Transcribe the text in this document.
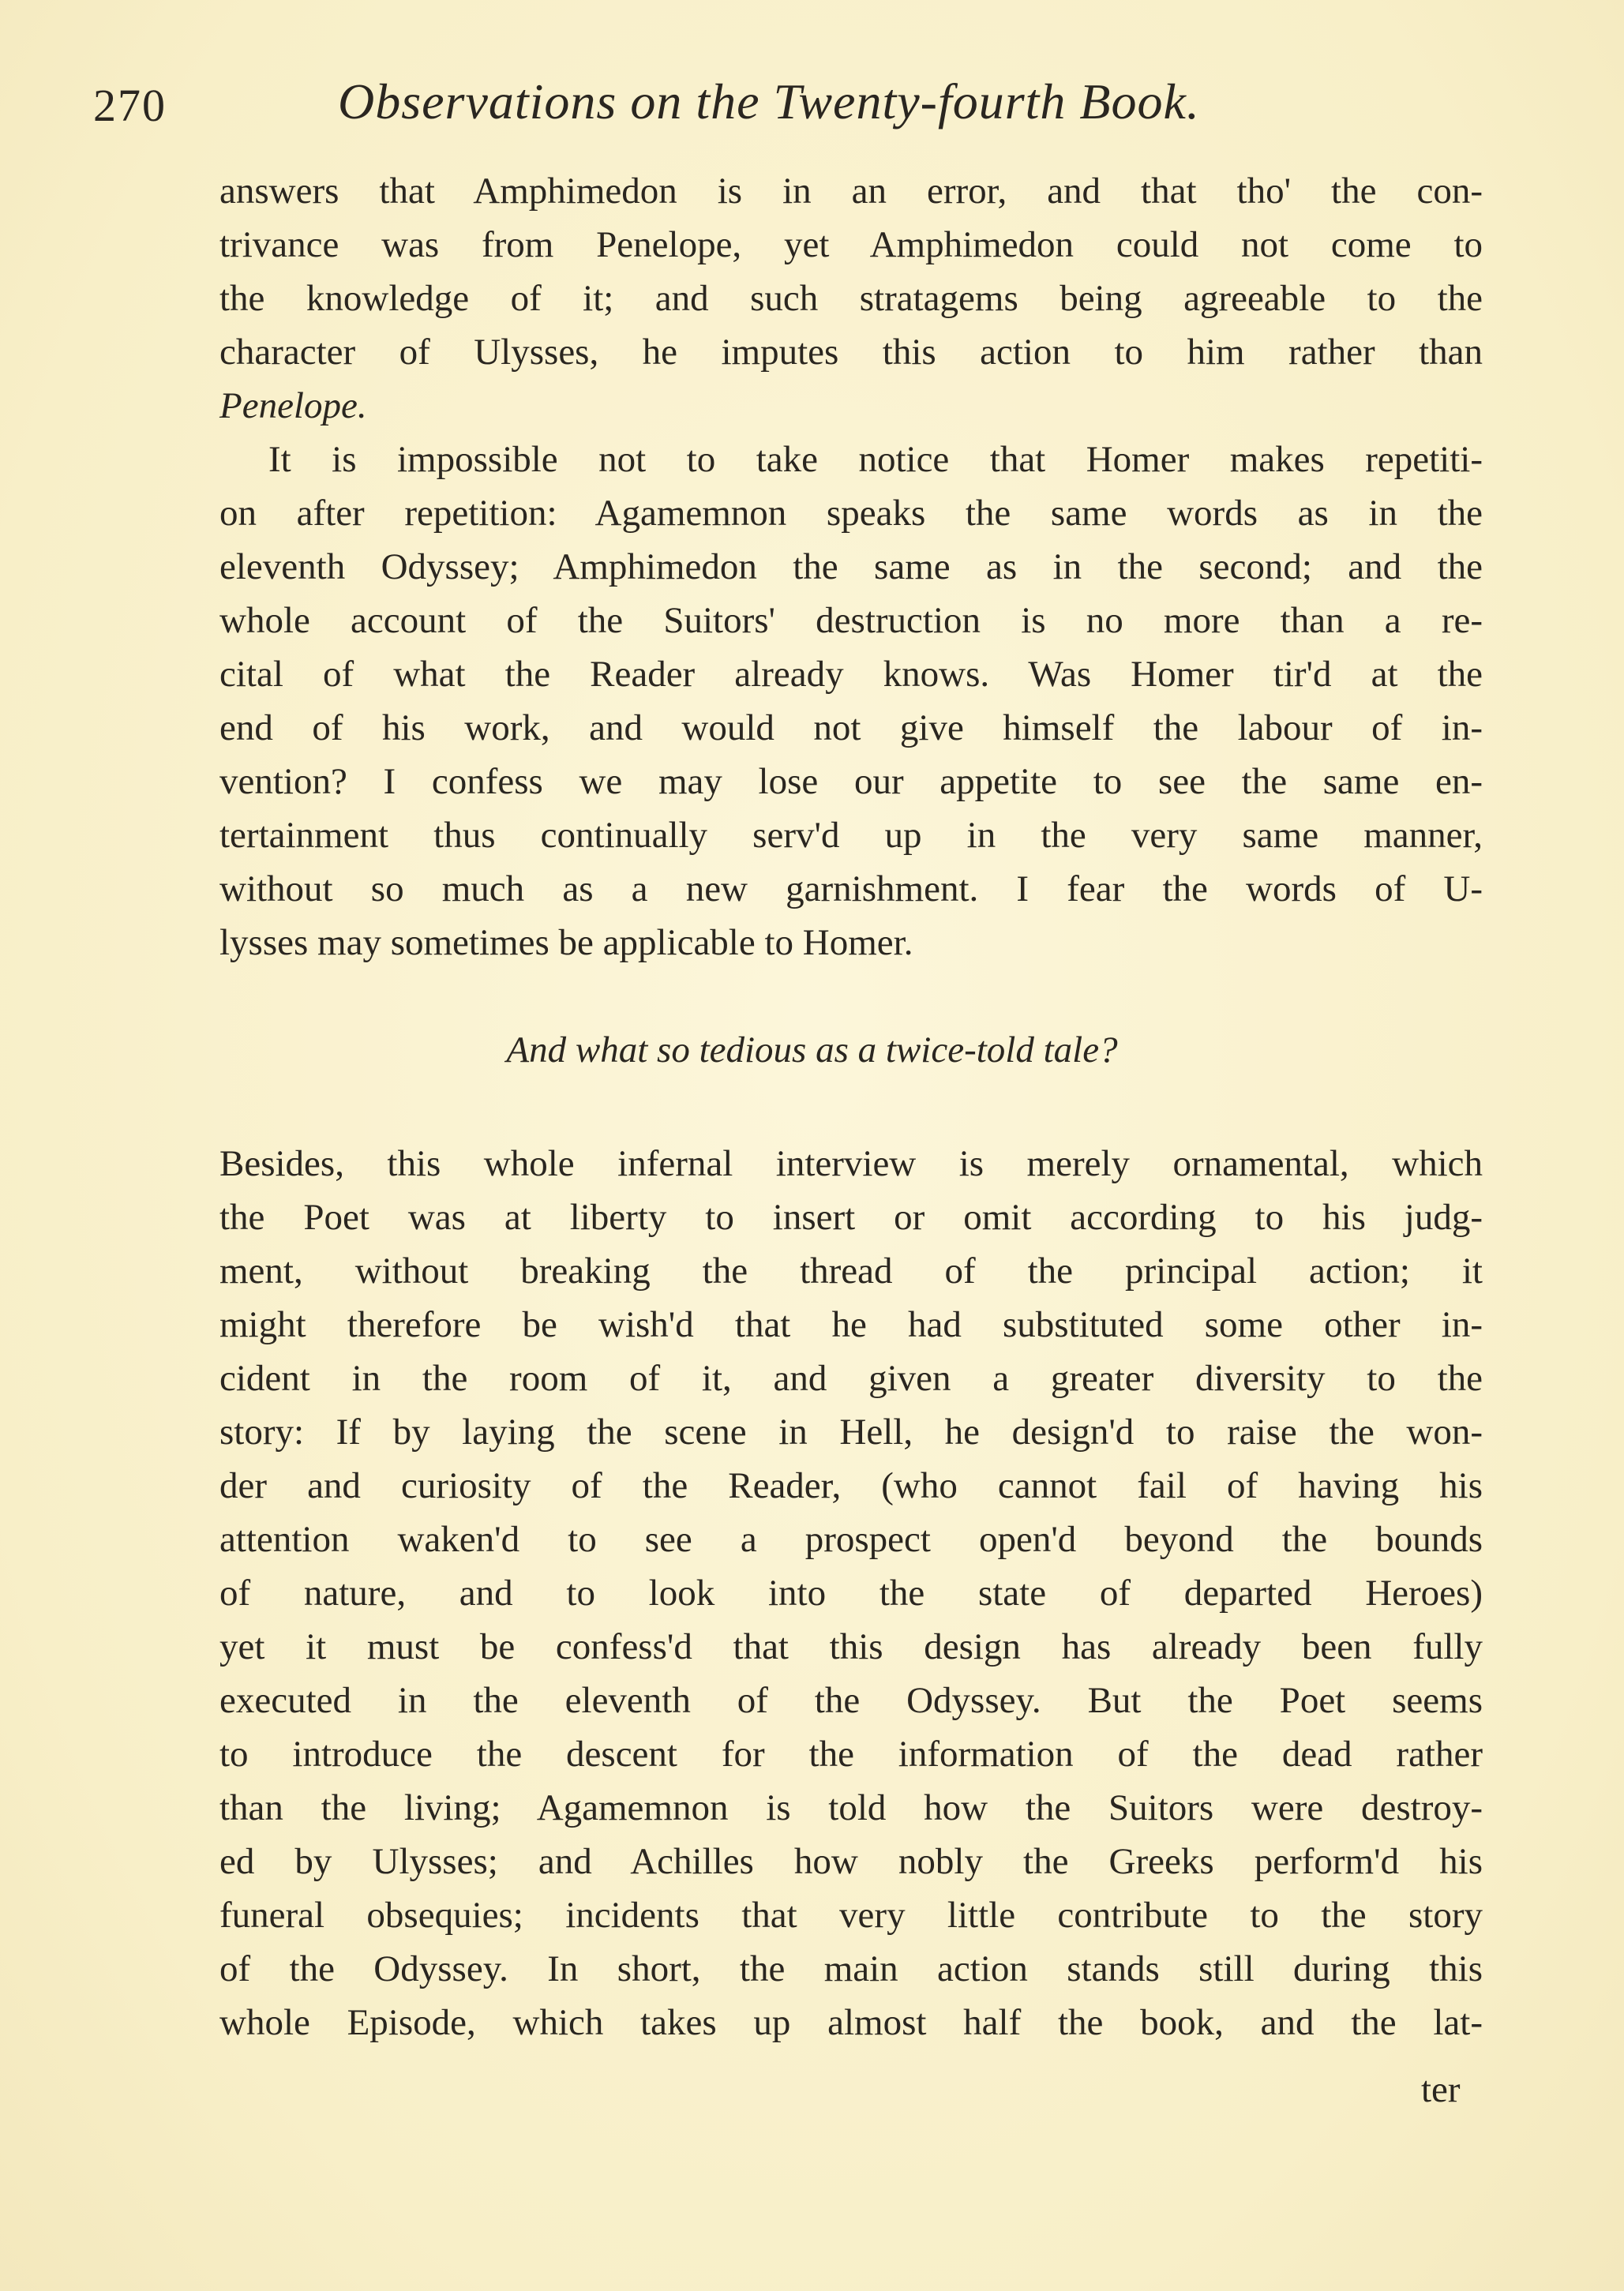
270	Observations on the Twenty-fourth Book.
answers that Amphimedon is in an error, and that tho' the con-
trivance was from Penelope, yet Amphimedon could not come to
the knowledge of it; and such stratagems being agreeable to the
character of Ulysses, he imputes this action to him rather than
Penelope.
It is impossible not to take notice that Homer makes repetiti-
on after repetition: Agamemnon speaks the same words as in the
eleventh Odyssey; Amphimedon the same as in the second; and the
whole account of the Suitors' destruction is no more than a re-
cital of what the Reader already knows. Was Homer tir'd at the
end of his work, and would not give himself the labour of in-
vention? I confess we may lose our appetite to see the same en-
tertainment thus continually serv'd up in the very same manner,
without so much as a new garnishment. I fear the words of U-
lysses may sometimes be applicable to Homer.
And what so tedious as a twice-told tale?
Besides, this whole infernal interview is merely ornamental, which
the Poet was at liberty to insert or omit according to his judg-
ment, without breaking the thread of the principal action; it
might therefore be wish'd that he had substituted some other in-
cident in the room of it, and given a greater diversity to the
story: If by laying the scene in Hell, he design'd to raise the won-
der and curiosity of the Reader, (who cannot fail of having his
attention waken'd to see a prospect open'd beyond the bounds
of nature, and to look into the state of departed Heroes)
yet it must be confess'd that this design has already been fully
executed in the eleventh of the Odyssey. But the Poet seems
to introduce the descent for the information of the dead rather
than the living; Agamemnon is told how the Suitors were destroy-
ed by Ulysses; and Achilles how nobly the Greeks perform'd his
funeral obsequies; incidents that very little contribute to the story
of the Odyssey. In short, the main action stands still during this
whole Episode, which takes up almost half the book, and the lat-
ter
